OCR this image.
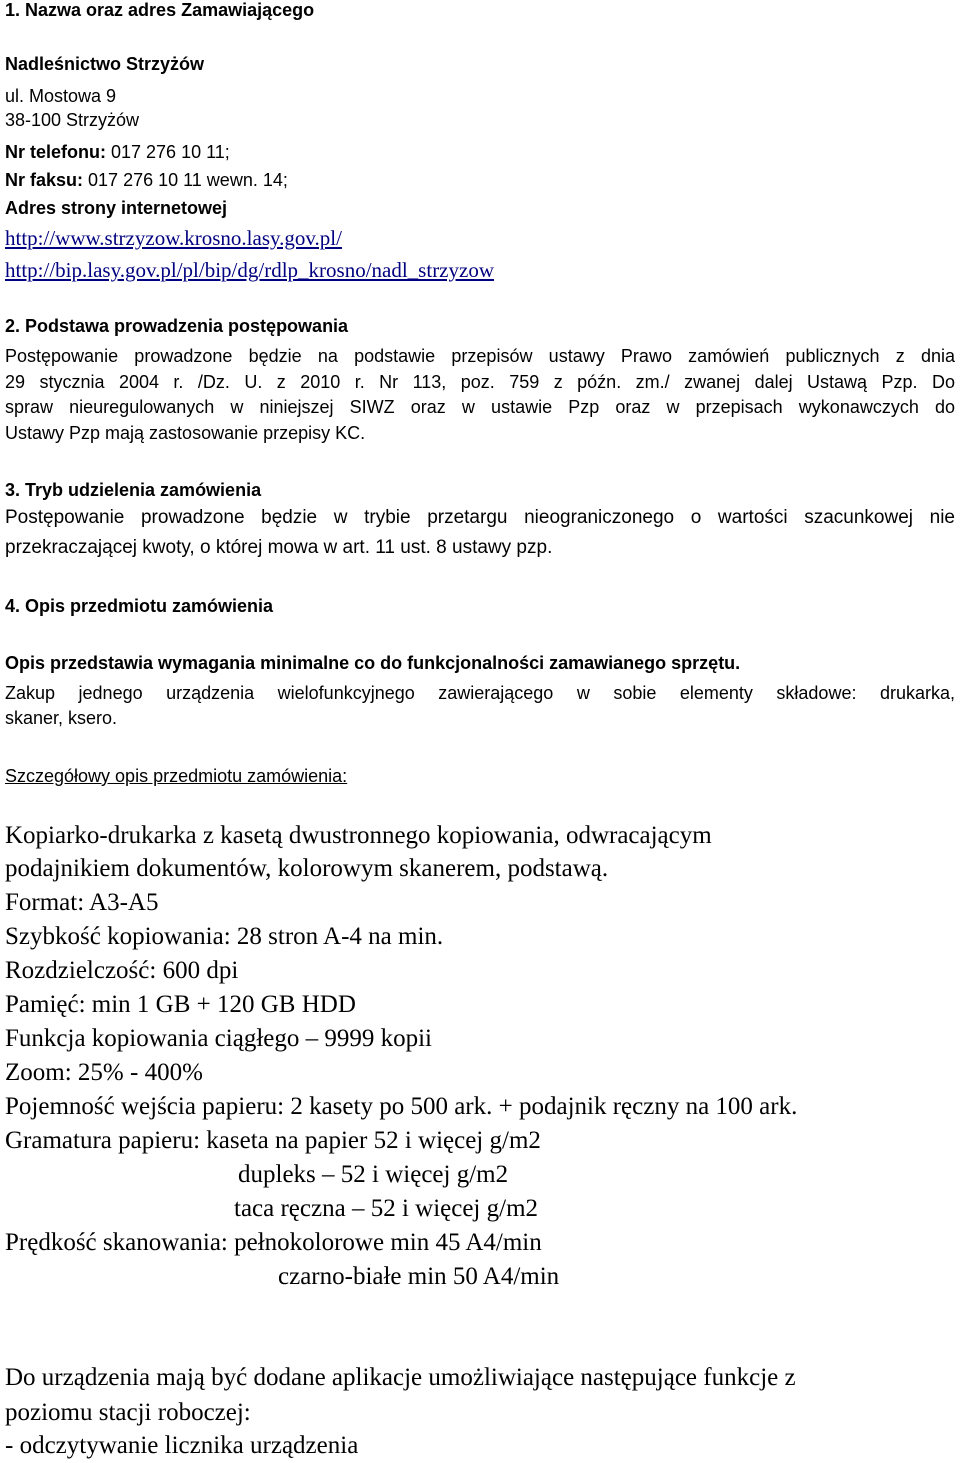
1. Nazwa oraz adres Zamawiającego
Nadleśnictwo Strzyżów
ul. Mostowa 9
38-100 Strzyżów
Nr telefonu: 017 276 10 11;
Nr faksu: 017 276 10 11 wewn. 14;
Adres strony internetowej
http://www.strzyzow.krosno.lasy.gov.pl/
http://bip.lasy.gov.pl/pl/bip/dg/rdlp_krosno/nadl_strzyzow
2. Podstawa prowadzenia postępowania
Postępowanie prowadzone będzie na podstawie przepisów ustawy Prawo zamówień publicznych z dnia
29 stycznia 2004 r. /Dz. U. z 2010 r. Nr 113, poz. 759 z późn. zm./ zwanej dalej Ustawą Pzp. Do
spraw nieuregulowanych w niniejszej SIWZ oraz w ustawie Pzp oraz w przepisach wykonawczych do
Ustawy Pzp mają zastosowanie przepisy KC.
3. Tryb udzielenia zamówienia
Postępowanie prowadzone będzie w trybie przetargu nieograniczonego o wartości szacunkowej nie
przekraczającej kwoty, o której mowa w art. 11 ust. 8 ustawy pzp.
4. Opis przedmiotu zamówienia
Opis przedstawia wymagania minimalne co do funkcjonalności zamawianego sprzętu.
Zakup jednego urządzenia wielofunkcyjnego zawierającego w sobie elementy składowe: drukarka,
skaner, ksero.
Szczegółowy opis przedmiotu zamówienia:
Kopiarko-drukarka z kasetą dwustronnego kopiowania, odwracającym
podajnikiem dokumentów, kolorowym skanerem, podstawą.
Format: A3-A5
Szybkość kopiowania: 28 stron A-4 na min.
Rozdzielczość: 600 dpi
Pamięć: min 1 GB + 120 GB HDD
Funkcja kopiowania ciągłego – 9999 kopii
Zoom: 25% - 400%
Pojemność wejścia papieru: 2 kasety po 500 ark. + podajnik ręczny na 100 ark.
Gramatura papieru: kaseta na papier 52 i więcej g/m2
dupleks – 52 i więcej g/m2
taca ręczna – 52 i więcej g/m2
Prędkość skanowania: pełnokolorowe min 45 A4/min
czarno-białe min 50 A4/min
Do urządzenia mają być dodane aplikacje umożliwiające następujące funkcje z
poziomu stacji roboczej:
- odczytywanie licznika urządzenia
